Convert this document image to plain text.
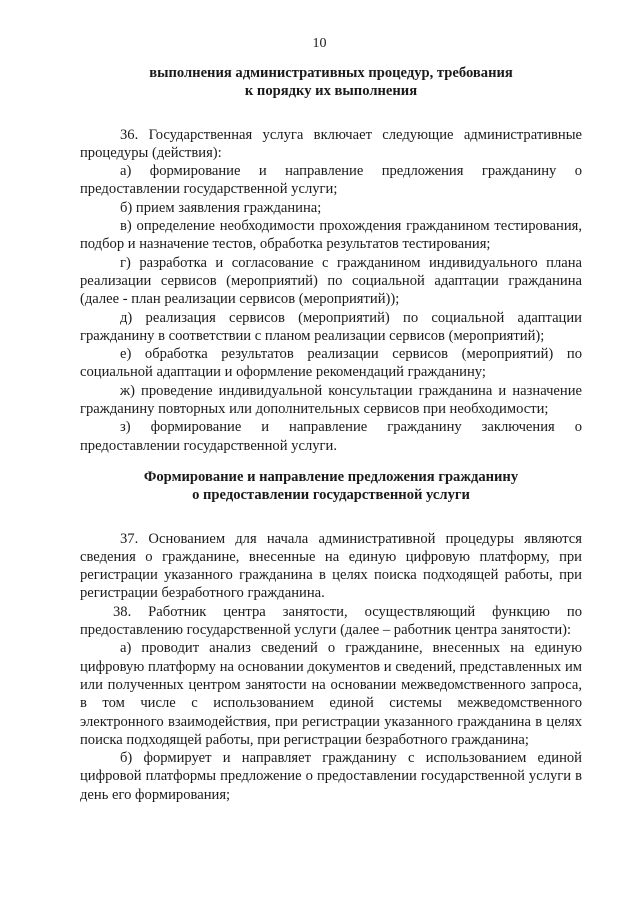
10
выполнения административных процедур, требования
к порядку их выполнения

36. Государственная услуга включает следующие административные процедуры (действия):

а) формирование и направление предложения гражданину о предоставлении государственной услуги;

б) прием заявления гражданина;

в) определение необходимости прохождения гражданином тестирования, подбор и назначение тестов, обработка результатов тестирования;

г) разработка и согласование с гражданином индивидуального плана реализации сервисов (мероприятий) по социальной адаптации гражданина (далее - план реализации сервисов (мероприятий));

д) реализация сервисов (мероприятий) по социальной адаптации гражданину в соответствии с планом реализации сервисов (мероприятий);

е) обработка результатов реализации сервисов (мероприятий) по социальной адаптации и оформление рекомендаций гражданину;

ж) проведение индивидуальной консультации гражданина и назначение гражданину повторных или дополнительных сервисов при необходимости;

з) формирование и направление гражданину заключения о предоставлении государственной услуги.

Формирование и направление предложения гражданину
о предоставлении государственной услуги

37. Основанием для начала административной процедуры являются сведения о гражданине, внесенные на единую цифровую платформу, при регистрации указанного гражданина в целях поиска подходящей работы, при регистрации безработного гражданина.

38. Работник центра занятости, осуществляющий функцию по предоставлению государственной услуги (далее – работник центра занятости):

а) проводит анализ сведений о гражданине, внесенных на единую цифровую платформу на основании документов и сведений, представленных им или полученных центром занятости на основании межведомственного запроса, в том числе с использованием единой системы межведомственного электронного взаимодействия, при регистрации указанного гражданина в целях поиска подходящей работы, при регистрации безработного гражданина;

б) формирует и направляет гражданину с использованием единой цифровой платформы предложение о предоставлении государственной услуги в день его формирования;
